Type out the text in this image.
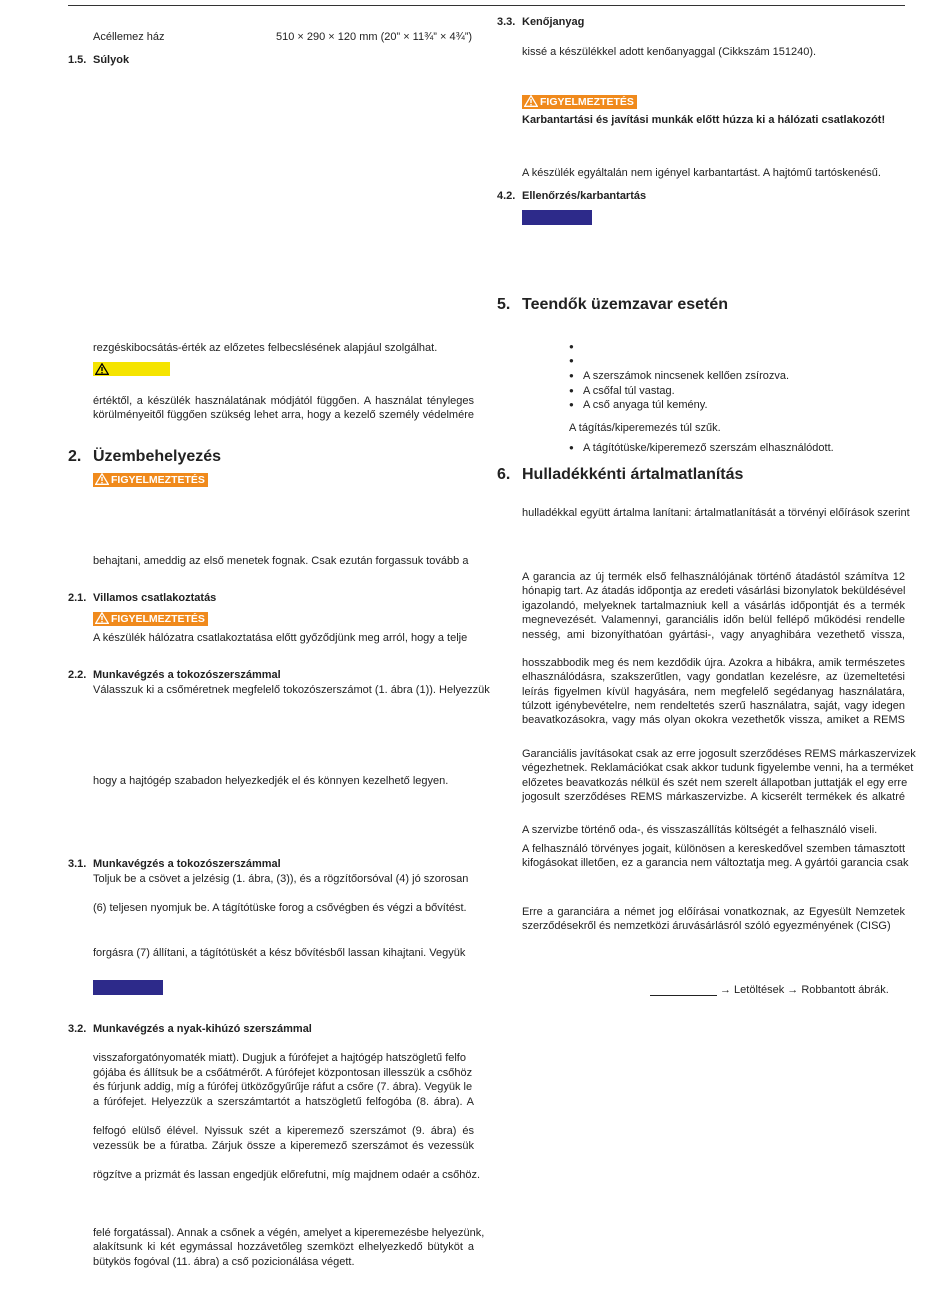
Acéllemez ház	510 × 290 × 120 mm (20” × 11¾” × 4¾”)
1.5. Súlyok
rezgéskibocsátás-érték az előzetes felbecslésének alapjául szolgálhat.
értéktől, a készülék használatának módjától függően. A használat tényleges
körülményeitől függően szükség lehet arra, hogy a kezelő személy védelmére
2. Üzembehelyezés
FIGYELMEZTETÉS
behajtani, ameddig az első menetek fognak. Csak ezután forgassuk tovább a
2.1. Villamos csatlakoztatás
FIGYELMEZTETÉS
A készülék hálózatra csatlakoztatása előtt győződjünk meg arról, hogy a telje
2.2. Munkavégzés a tokozószerszámmal
Válasszuk ki a csőméretnek megfelelő tokozószerszámot (1. ábra (1)). Helyezzük
hogy a hajtógép szabadon helyezkedjék el és könnyen kezelhető legyen.
3.1. Munkavégzés a tokozószerszámmal
Toljuk be a csövet a jelzésig (1. ábra, (3)), és a rögzítőorsóval (4) jó szorosan
(6) teljesen nyomjuk be. A tágítótüske forog a csővégben és végzi a bővítést.
forgásra (7) állítani, a tágítótüskét a kész bővítésből lassan kihajtani. Vegyük
3.2. Munkavégzés a nyak-kihúzó szerszámmal
visszaforgatónyomaték miatt). Dugjuk a fúrófejet a hajtógép hatszögletű felfo
gójába és állítsuk be a csőátmérőt. A fúrófejet központosan illesszük a csőhöz
és fúrjunk addig, míg a fúrófej ütközőgyűrűje ráfut a csőre (7. ábra). Vegyük le
a fúrófejet. Helyezzük a szerszámtartót a hatszögletű felfogóba (8. ábra). A
felfogó elülső élével. Nyissuk szét a kiperemező szerszámot (9. ábra) és
vezessük be a fúratba. Zárjuk össze a kiperemező szerszámot és vezessük
rögzítve a prizmát és lassan engedjük előrefutni, míg majdnem odaér a csőhöz.
felé forgatással). Annak a csőnek a végén, amelyet a kiperemezésbe helyezünk,
alakítsunk ki két egymással hozzávetőleg szemközt elhelyezkedő bütyköt a
bütykös fogóval (11. ábra) a cső pozicionálása végett.
3.3. Kenőjanyag
kissé a készülékkel adott kenőanyaggal (Cikkszám 151240).
FIGYELMEZTETÉS
Karbantartási és javítási munkák előtt húzza ki a hálózati csatlakozót!
A készülék egyáltalán nem igényel karbantartást. A hajtómű tartóskenésű.
4.2. Ellenőrzés/karbantartás
5. Teendők üzemzavar esetén
● A szerszámok nincsenek kellően zsírozva.
● A csőfal túl vastag.
● A cső anyaga túl kemény.
A tágítás/kiperemezés túl szűk.
● A tágítótüske/kiperemező szerszám elhasználódott.
6. Hulladékkénti ártalmatlanítás
hulladékkal együtt ártalma lanítani: ártalmatlanítását a törvényi előírások szerint
A garancia az új termék első felhasználójának történő átadástól számítva 12
hónapig tart. Az átadás időpontja az eredeti vásárlási bizonylatok beküldésével
igazolandó, melyeknek tartalmazniuk kell a vásárlás időpontját és a termék
megnevezését. Valamennyi, garanciális időn belül fellépő működési rendelle
nesség, ami bizonyíthatóan gyártási-, vagy anyaghibára vezethető vissza,
hosszabbodik meg és nem kezdődik újra. Azokra a hibákra, amik természetes
elhasználódásra, szakszerűtlen, vagy gondatlan kezelésre, az üzemeltetési
leírás figyelmen kívül hagyására, nem megfelelő segédanyag használatára,
túlzott igénybevételre, nem rendeltetés szerű használatra, saját, vagy idegen
beavatkozásokra, vagy más olyan okokra vezethetők vissza, amiket a REMS
Garanciális javításokat csak az erre jogosult szerződéses REMS márkaszervizek
végezhetnek. Reklamációkat csak akkor tudunk figyelembe venni, ha a terméket
előzetes beavatkozás nélkül és szét nem szerelt állapotban juttatják el egy erre
jogosult szerződéses REMS márkaszervizbe. A kicserélt termékek és alkatré
A szervizbe történő oda-, és visszaszállítás költségét a felhasználó viseli.
A felhasználó törvényes jogait, különösen a kereskedővel szemben támasztott
kifogásokat illetően, ez a garancia nem változtatja meg. A gyártói garancia csak
Erre a garanciára a német jog előírásai vonatkoznak, az Egyesült Nemzetek
szerződésekről és nemzetközi áruvásárlásról szóló egyezményének (CISG)
→ Letöltések → Robbantott ábrák.
